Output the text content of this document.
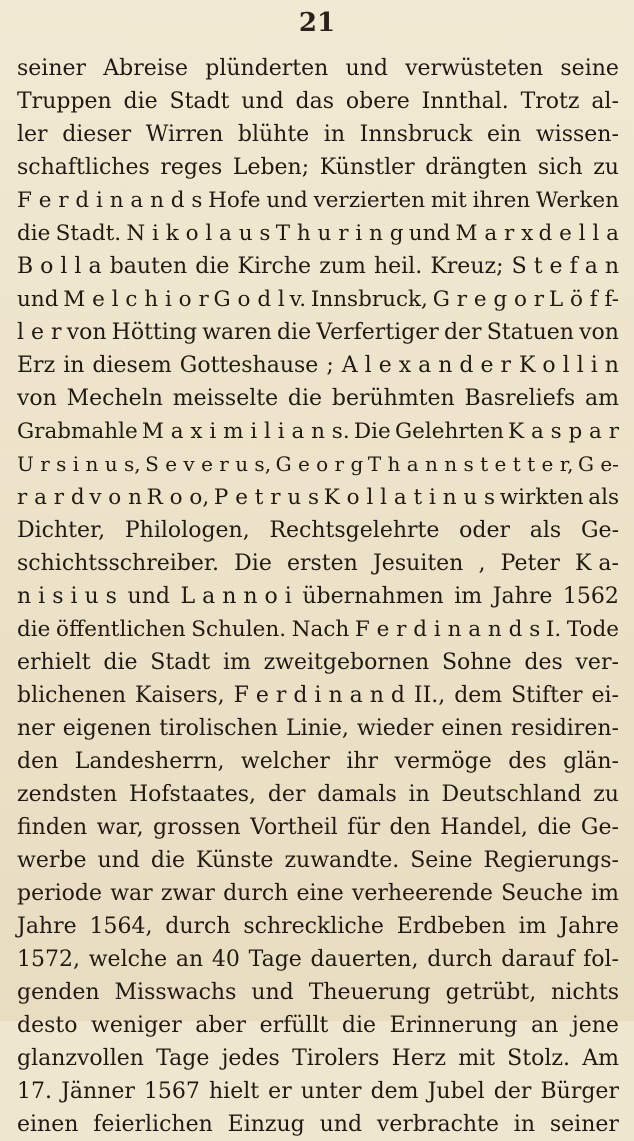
21
seiner Abreise plünderten und verwüsteten seine
Truppen die Stadt und das obere Innthal. Trotz al-
ler dieser Wirren blühte in Innsbruck ein wissen-
schaftliches reges Leben; Künstler drängten sich zu
F e r d i n a n d s Hofe und verzierten mit ihren Werken
die Stadt. N i k o l a u s T h u r i n g und M a r x d e l l a
B o l l a bauten die Kirche zum heil. Kreuz; S t e f a n
und M e l c h i o r G o d l v. Innsbruck, G r e g o r L ö f f-
l e r von Hötting waren die Verfertiger der Statuen von
Erz in diesem Gotteshause ; A l e x a n d e r K o l l i n
von Mecheln meisselte die berühmten Basreliefs am
Grabmahle M a x i m i l i a n s. Die Gelehrten K a s p a r
U r s i n u s, S e v e r u s, G e o r g T h a n n s t e t t e r, G e-
r a r d v o n R o o, P e t r u s K o l l a t i n u s wirkten als
Dichter, Philologen, Rechtsgelehrte oder als Ge-
schichtsschreiber. Die ersten Jesuiten , Peter K a-
n i s i u s und L a n n o i übernahmen im Jahre 1562
die öffentlichen Schulen. Nach F e r d i n a n d s I. Tode
erhielt die Stadt im zweitgebornen Sohne des ver-
blichenen Kaisers, F e r d i n a n d II., dem Stifter ei-
ner eigenen tirolischen Linie, wieder einen residiren-
den Landesherrn, welcher ihr vermöge des glän-
zendsten Hofstaates, der damals in Deutschland zu
finden war, grossen Vortheil für den Handel, die Ge-
werbe und die Künste zuwandte. Seine Regierungs-
periode war zwar durch eine verheerende Seuche im
Jahre 1564, durch schreckliche Erdbeben im Jahre
1572, welche an 40 Tage dauerten, durch darauf fol-
genden Misswachs und Theuerung getrübt, nichts
desto weniger aber erfüllt die Erinnerung an jene
glanzvollen Tage jedes Tirolers Herz mit Stolz. Am
17. Jänner 1567 hielt er unter dem Jubel der Bürger
einen feierlichen Einzug und verbrachte in seiner
